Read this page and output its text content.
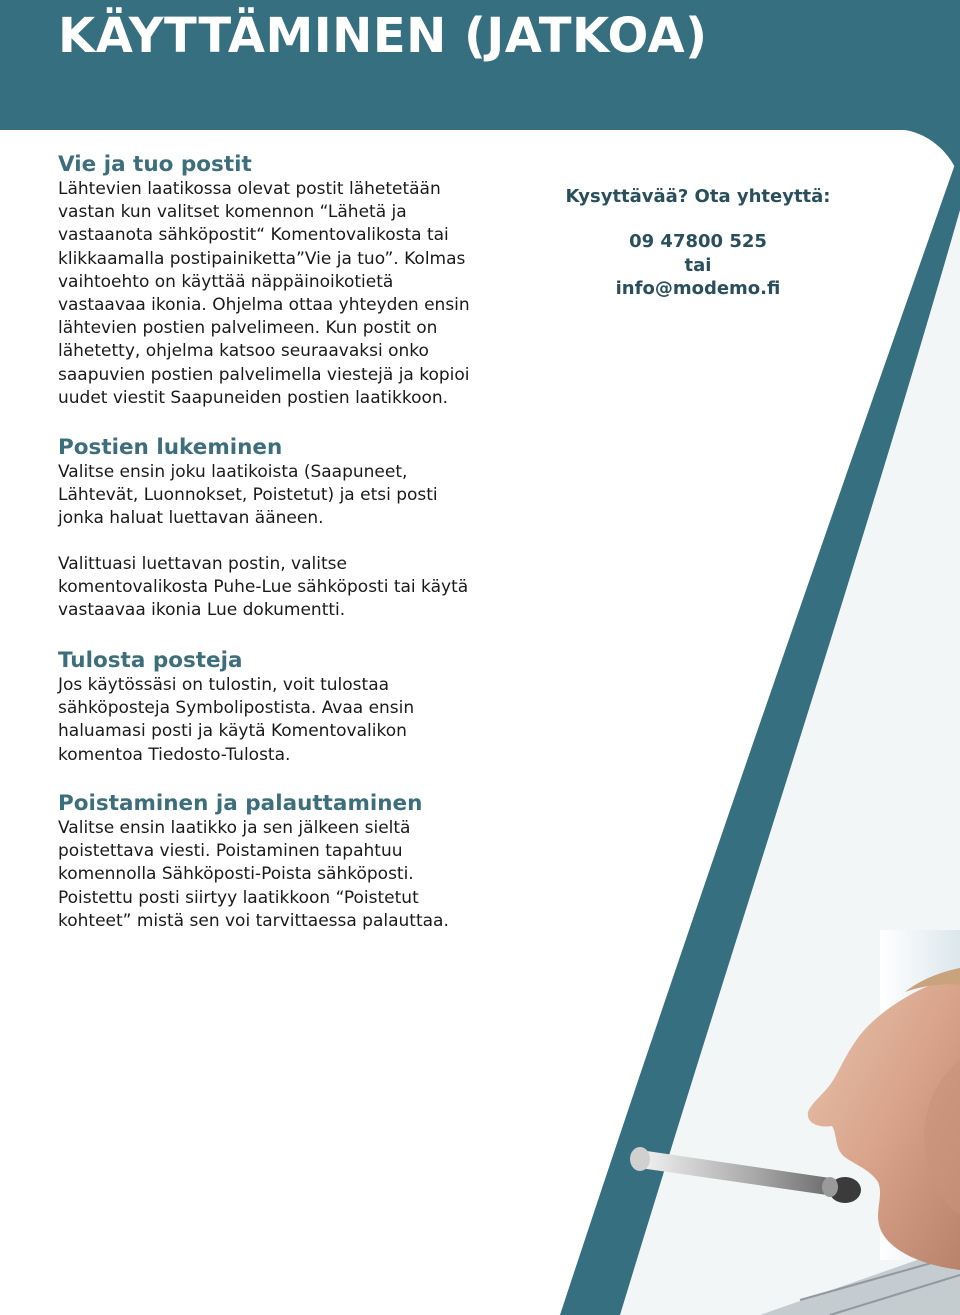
KÄYTTÄMINEN (JATKOA)
Vie ja tuo postit

Lähtevien laatikossa olevat postit lähetetään

vastan kun valitset komennon “Lähetä ja

vastaanota sähköpostit“ Komentovalikosta tai

klikkaamalla postipainiketta”Vie ja tuo”. Kolmas

vaihtoehto on käyttää näppäinoikotietä

vastaavaa ikonia. Ohjelma ottaa yhteyden ensin

lähtevien postien palvelimeen. Kun postit on

lähetetty, ohjelma katsoo seuraavaksi onko

saapuvien postien palvelimella viestejä ja kopioi

uudet viestit Saapuneiden postien laatikkoon.

Postien lukeminen

Valitse ensin joku laatikoista (Saapuneet,

Lähtevät, Luonnokset, Poistetut) ja etsi posti

jonka haluat luettavan ääneen.

Valittuasi luettavan postin, valitse

komentovalikosta Puhe-Lue sähköposti tai käytä

vastaavaa ikonia Lue dokumentti.

Tulosta posteja

Jos käytössäsi on tulostin, voit tulostaa

sähköposteja Symbolipostista. Avaa ensin

haluamasi posti ja käytä Komentovalikon

komentoa Tiedosto-Tulosta.

Poistaminen ja palauttaminen

Valitse ensin laatikko ja sen jälkeen sieltä

poistettava viesti. Poistaminen tapahtuu

komennolla Sähköposti-Poista sähköposti.

Poistettu posti siirtyy laatikkoon “Poistetut

kohteet” mistä sen voi tarvittaessa palauttaa.

Kysyttävää? Ota yhteyttä:

09 47800 525

tai

info@modemo.fi
